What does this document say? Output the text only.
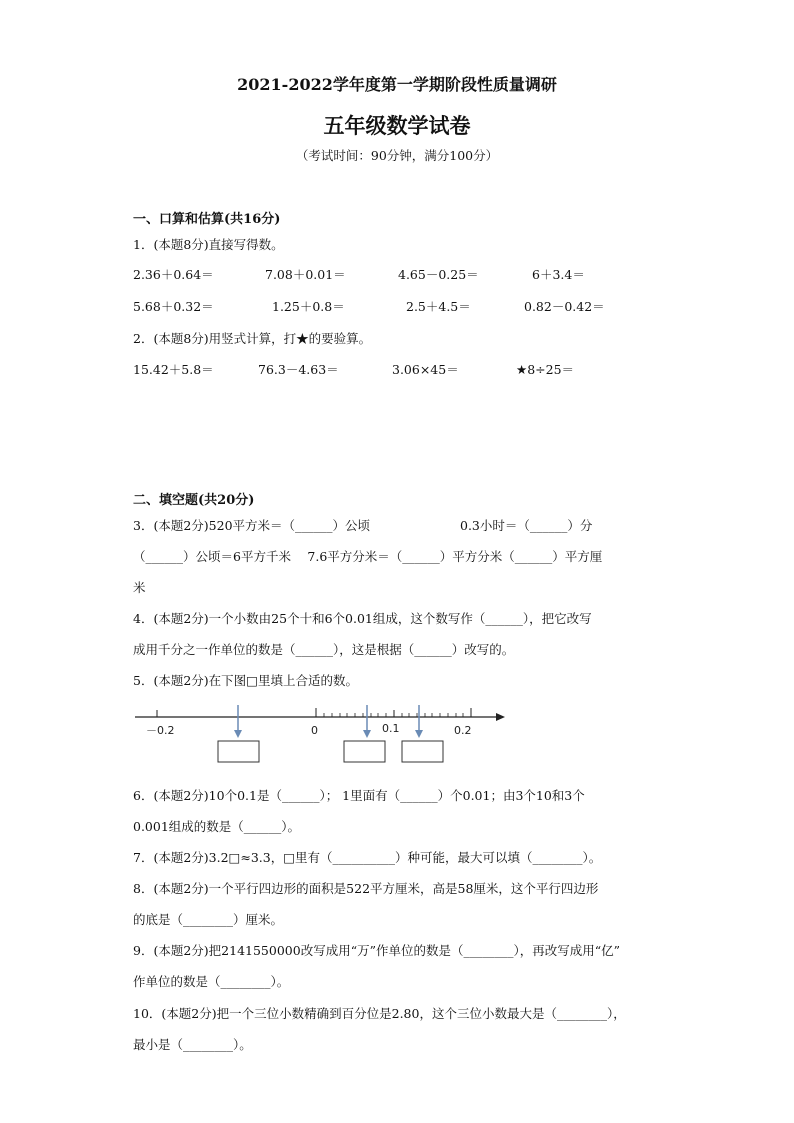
2021-2022学年度第一学期阶段性质量调研
五年级数学试卷
（考试时间：90分钟，满分100分）
一、口算和估算(共16分)
1．(本题8分)直接写得数。
2.36＋0.64＝	7.08＋0.01＝	4.65－0.25＝	6＋3.4＝
5.68＋0.32＝	1.25＋0.8＝	2.5＋4.5＝	0.82－0.42＝
2．(本题8分)用竖式计算，打★的要验算。
15.42＋5.8＝	76.3－4.63＝	3.06×45＝	★8÷25＝
二、填空题(共20分)
3．(本题2分)520平方米＝（______）公顷	0.3小时＝（______）分
（______）公顷＝6平方千米　 7.6平方分米＝（______）平方分米（______）平方厘
米
4．(本题2分)一个小数由25个十和6个0.01组成，这个数写作（______），把它改写
成用千分之一作单位的数是（______），这是根据（______）改写的。
5．(本题2分)在下图□里填上合适的数。
－0.2	0	0.1	0.2
6．(本题2分)10个0.1是（______）； 1里面有（______）个0.01；由3个10和3个
0.001组成的数是（______）。
7．(本题2分)3.2□≈3.3，□里有（__________）种可能，最大可以填（________）。
8．(本题2分)一个平行四边形的面积是522平方厘米，高是58厘米，这个平行四边形
的底是（________）厘米。
9．(本题2分)把2141550000改写成用“万”作单位的数是（________），再改写成用“亿”
作单位的数是（________）。
10．(本题2分)把一个三位小数精确到百分位是2.80，这个三位小数最大是（________），
最小是（________）。
